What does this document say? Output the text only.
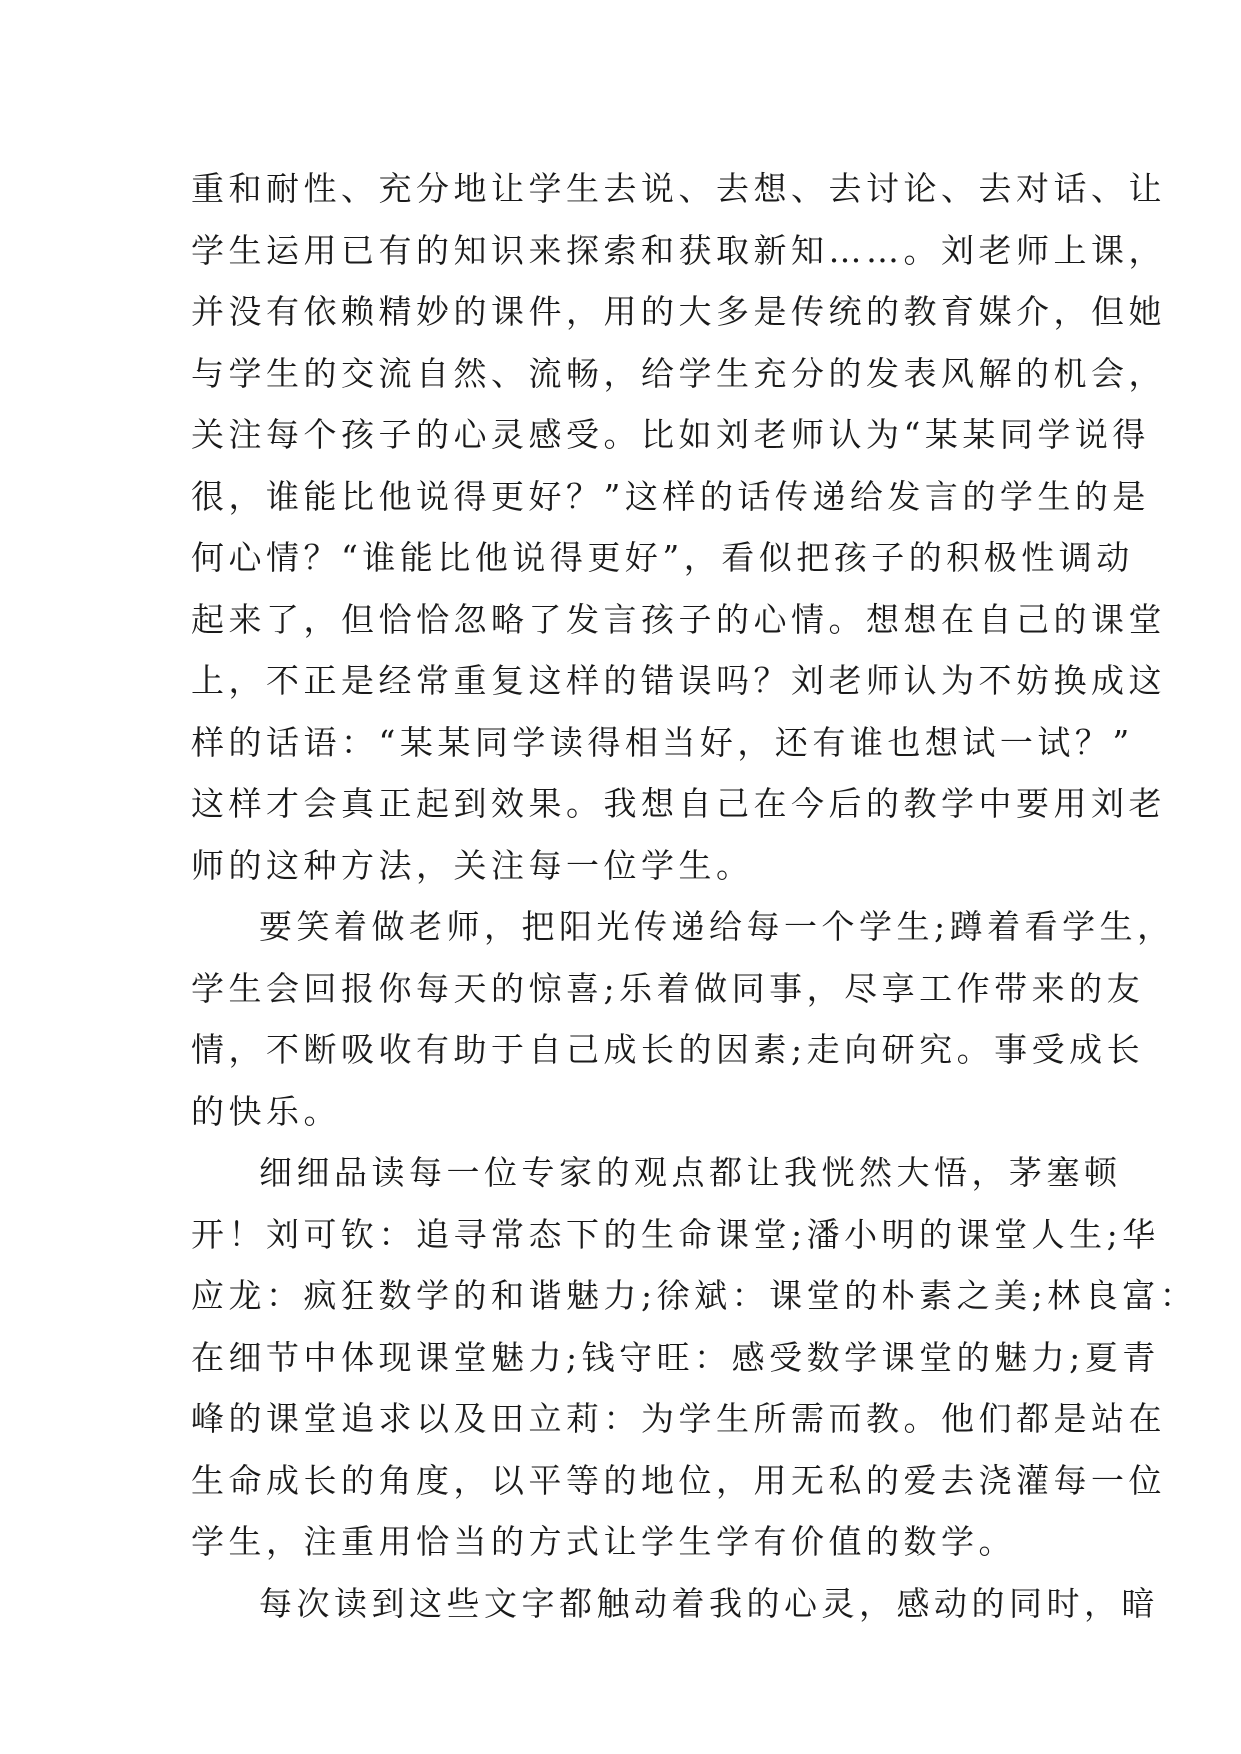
重和耐性、充分地让学生去说、去想、去讨论、去对话、让
学生运用已有的知识来探索和获取新知……。刘老师上课，
并没有依赖精妙的课件，用的大多是传统的教育媒介，但她
与学生的交流自然、流畅，给学生充分的发表风解的机会，
关注每个孩子的心灵感受。比如刘老师认为“某某同学说得
很，谁能比他说得更好？”这样的话传递给发言的学生的是
何心情？“谁能比他说得更好”，看似把孩子的积极性调动
起来了，但恰恰忽略了发言孩子的心情。想想在自己的课堂
上，不正是经常重复这样的错误吗？刘老师认为不妨换成这
样的话语：“某某同学读得相当好，还有谁也想试一试？”
这样才会真正起到效果。我想自己在今后的教学中要用刘老
师的这种方法，关注每一位学生。

要笑着做老师，把阳光传递给每一个学生;蹲着看学生，
学生会回报你每天的惊喜;乐着做同事，尽享工作带来的友
情，不断吸收有助于自己成长的因素;走向研究。事受成长
的快乐。

细细品读每一位专家的观点都让我恍然大悟，茅塞顿
开！刘可钦：追寻常态下的生命课堂;潘小明的课堂人生;华
应龙：疯狂数学的和谐魅力;徐斌：课堂的朴素之美;林良富：
在细节中体现课堂魅力;钱守旺：感受数学课堂的魅力;夏青
峰的课堂追求以及田立莉：为学生所需而教。他们都是站在
生命成长的角度，以平等的地位，用无私的爱去浇灌每一位
学生，注重用恰当的方式让学生学有价值的数学。

每次读到这些文字都触动着我的心灵，感动的同时，暗
